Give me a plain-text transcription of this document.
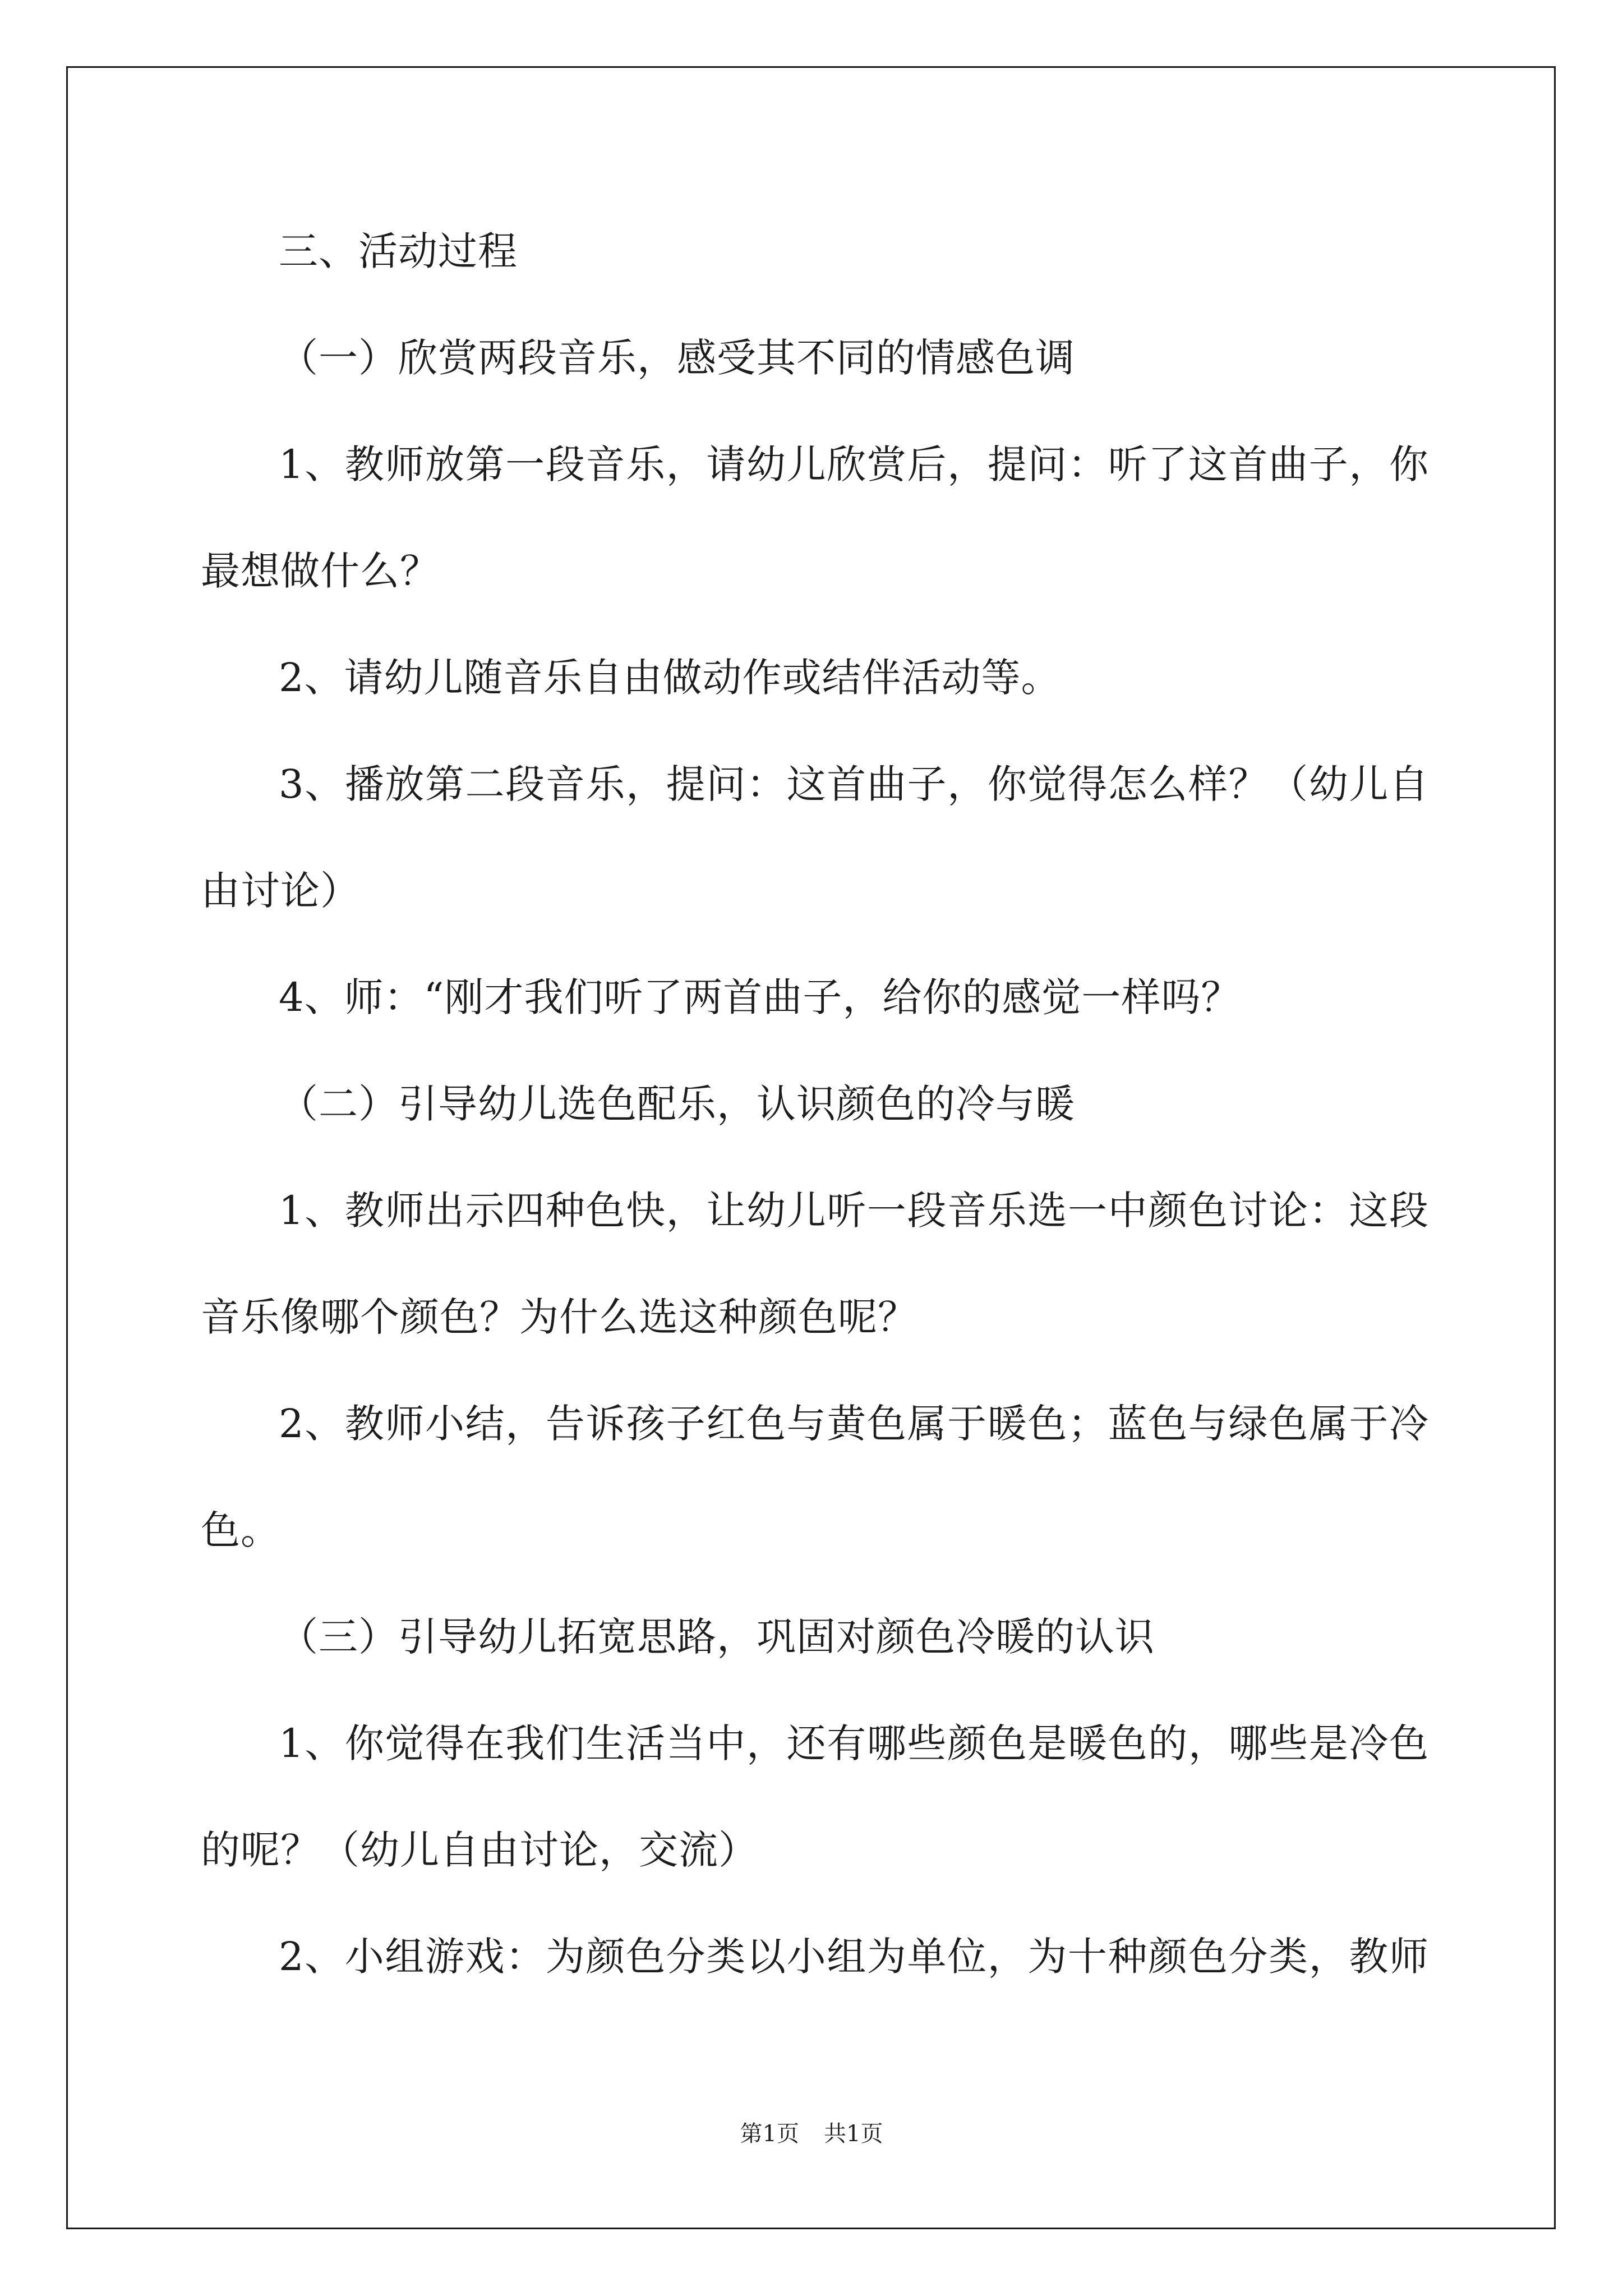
三、活动过程

（一）欣赏两段音乐，感受其不同的情感色调

1、教师放第一段音乐，请幼儿欣赏后，提问：听了这首曲子，你

最想做什么？

2、请幼儿随音乐自由做动作或结伴活动等。

3、播放第二段音乐，提问：这首曲子，你觉得怎么样？（幼儿自

由讨论）

4、师：“刚才我们听了两首曲子，给你的感觉一样吗？

（二）引导幼儿选色配乐，认识颜色的冷与暖

1、教师出示四种色快，让幼儿听一段音乐选一中颜色讨论：这段

音乐像哪个颜色？为什么选这种颜色呢？

2、教师小结，告诉孩子红色与黄色属于暖色；蓝色与绿色属于冷

色。

（三）引导幼儿拓宽思路，巩固对颜色冷暖的认识

1、你觉得在我们生活当中，还有哪些颜色是暖色的，哪些是冷色

的呢？（幼儿自由讨论，交流）

2、小组游戏：为颜色分类以小组为单位，为十种颜色分类，教师

第1页 共1页
